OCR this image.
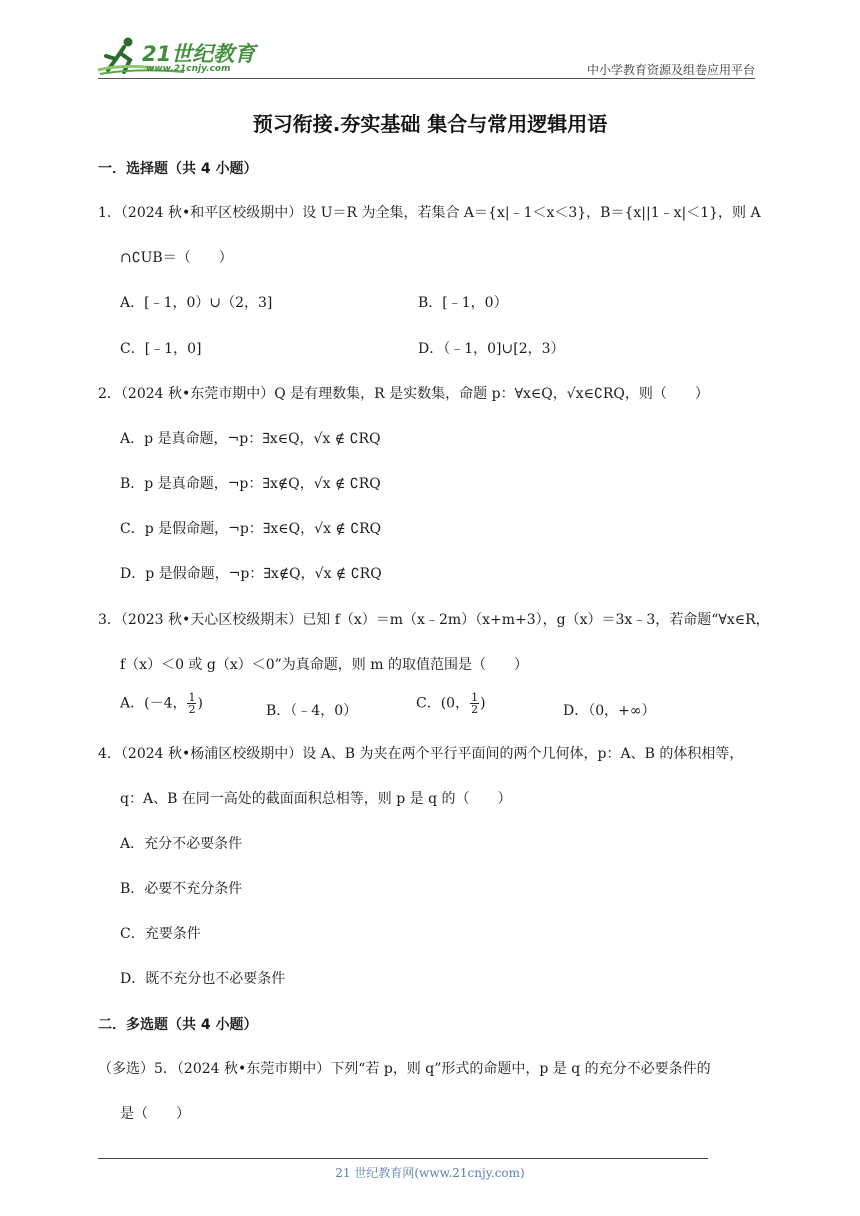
21世纪教育
www.21cnjy.com	中小学教育资源及组卷应用平台
预习衔接.夯实基础 集合与常用逻辑用语
一．选择题（共 4 小题）
1．（2024 秋•和平区校级期中）设 U＝R 为全集，若集合 A＝{x|﹣1＜x＜3}，B＝{x||1﹣x|＜1}，则 A
∩∁UB＝（　　）
A．[﹣1，0）∪（2，3]	B．[﹣1，0）
C．[﹣1，0]	D．（﹣1，0]∪[2，3）
2．（2024 秋•东莞市期中）Q 是有理数集，R 是实数集，命题 p：∀x∈Q，√x∈∁RQ，则（　　）
A．p 是真命题，¬p：∃x∈Q，√x ∉ ∁RQ
B．p 是真命题，¬p：∃x∉Q，√x ∉ ∁RQ
C．p 是假命题，¬p：∃x∈Q，√x ∉ ∁RQ
D．p 是假命题，¬p：∃x∉Q，√x ∉ ∁RQ
3．（2023 秋•天心区校级期末）已知 f（x）＝m（x﹣2m）（x+m+3），g（x）＝3x﹣3，若命题“∀x∈R，
f（x）＜0 或 g（x）＜0”为真命题，则 m 的取值范围是（　　）
A．(－4， $\frac{1}{2}$ )	B．（﹣4，0）	C．(0， $\frac{1}{2}$ )	D．（0，+∞）
4．（2024 秋•杨浦区校级期中）设 A、B 为夹在两个平行平面间的两个几何体，p：A、B 的体积相等，
q：A、B 在同一高处的截面面积总相等，则 p 是 q 的（　　）
A．充分不必要条件
B．必要不充分条件
C．充要条件
D．既不充分也不必要条件
二．多选题（共 4 小题）
（多选）5．（2024 秋•东莞市期中）下列“若 p，则 q”形式的命题中，p 是 q 的充分不必要条件的
是（　　）
21 世纪教育网(www.21cnjy.com)
